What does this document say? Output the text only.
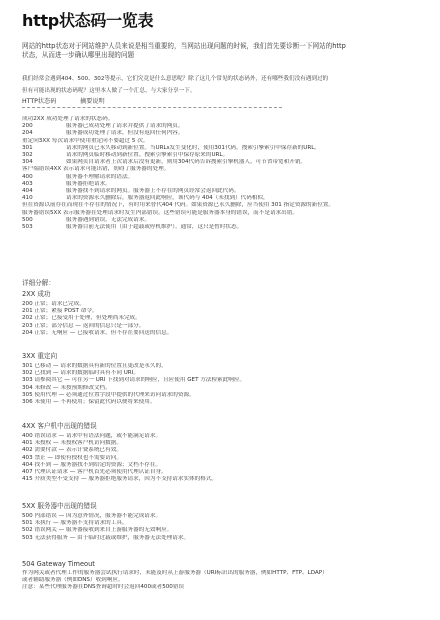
http状态码一览表

网站的http状态对于网站维护人员来说是相当重要的，当网站出现问题的时候，我们首先要诊断一下网站的http

状态，从而进一步确认哪里出现的问题

我们经常会遇到404、500、302等提示，它们究竟是什么意思呢？除了这几个常见的状态码外，还有哪些我们没有遇到过的

但有可能出现的状态码呢？这里本人做了一个汇总，与大家分享一下。

HTTP状态码	摘要说明
成功2XX 成功处理了请求的状态码。
200	服务器已成功处理了请求并提供了请求的网页。
204	服务器成功处理了请求，但没有返回任何内容。
重定向3XX 每次请求中使用重定向不要超过 5 次。
301	请求的网页已永久移动到新位置。当URLs发生变化时，使用301代码。搜索引擎索引中保存新的URL。
302	请求的网页临时移动到新位置。搜索引擎索引中保存原来的URL。
304	如果网页自请求者上次请求后没有更新，则用304代码告诉搜索引擎机器人，可节省带宽和开销。
客户端错误4XX 表示请求可能出错，妨碍了服务器的处理。
400	服务器不理解请求的语法。
403	服务器拒绝请求。
404	服务器找不到请求的网页。服务器上不存在的网页经常会返回此代码。
410	请求的资源永久删除后，服务器返回此响应。该代码与 404（未找到）代码相似，
但在资源以前存在而现在不存在的情况下，有时用来替代404 代码。如果资源已永久删除，应当使用 301 指定资源的新位置。
服务器错误5XX 表示服务器在处理请求时发生内部错误。这些错误可能是服务器本身的错误，而不是请求出错。
500	服务器遇到错误，无法完成请求。
503	服务器目前无法使用（由于超载或停机维护）。通常，这只是暂时状态。

详细分解：

2XX 成功

200 正常；请求已完成。
201 正常；紧接 POST 命令。
202 正常；已接受用于处理，但处理尚未完成。
203 正常；部分信息 — 返回的信息只是一部分。
204 正常；无响应 — 已接收请求，但不存在要回送的信息。

3XX 重定向

301 已移动 — 请求的数据具有新的位置且更改是永久的。
302 已找到 — 请求的数据临时具有不同 URI。
303 请参阅其它 — 可在另一 URI 下找到对请求的响应，且应使用 GET 方法检索此响应。
304 未修改 — 未按预期修改文档。
305 使用代理 — 必须通过位置字段中提供的代理来访问请求的资源。
306 未使用 — 不再使用；保留此代码以便将来使用。

4XX 客户机中出现的错误

400 错误请求 — 请求中有语法问题，或不能满足请求。
401 未授权 — 未授权客户机访问数据。
402 需要付款 — 表示计费系统已有效。
403 禁止 — 即使有授权也不需要访问。
404 找不到 — 服务器找不到给定的资源；文档不存在。
407 代理认证请求 — 客户机首先必须使用代理认证自身。
415 介质类型不受支持 — 服务器拒绝服务请求，因为不支持请求实体的格式。

5XX 服务器中出现的错误

500 内部错误 — 因为意外情况，服务器不能完成请求。
501 未执行 — 服务器不支持请求的工具。
502 错误网关 — 服务器接收到来自上游服务器的无效响应。
503 无法获得服务 — 由于临时过载或维护，服务器无法处理请求。

504 Gateway Timeout

作为网关或者代理工作的服务器尝试执行请求时，未能及时从上游服务器（URI标识出的服务器，例如HTTP、FTP、LDAP）
或者辅助服务器（例如DNS）收到响应。
注意：某些代理服务器在DNS查询超时时会返回400或者500错误
